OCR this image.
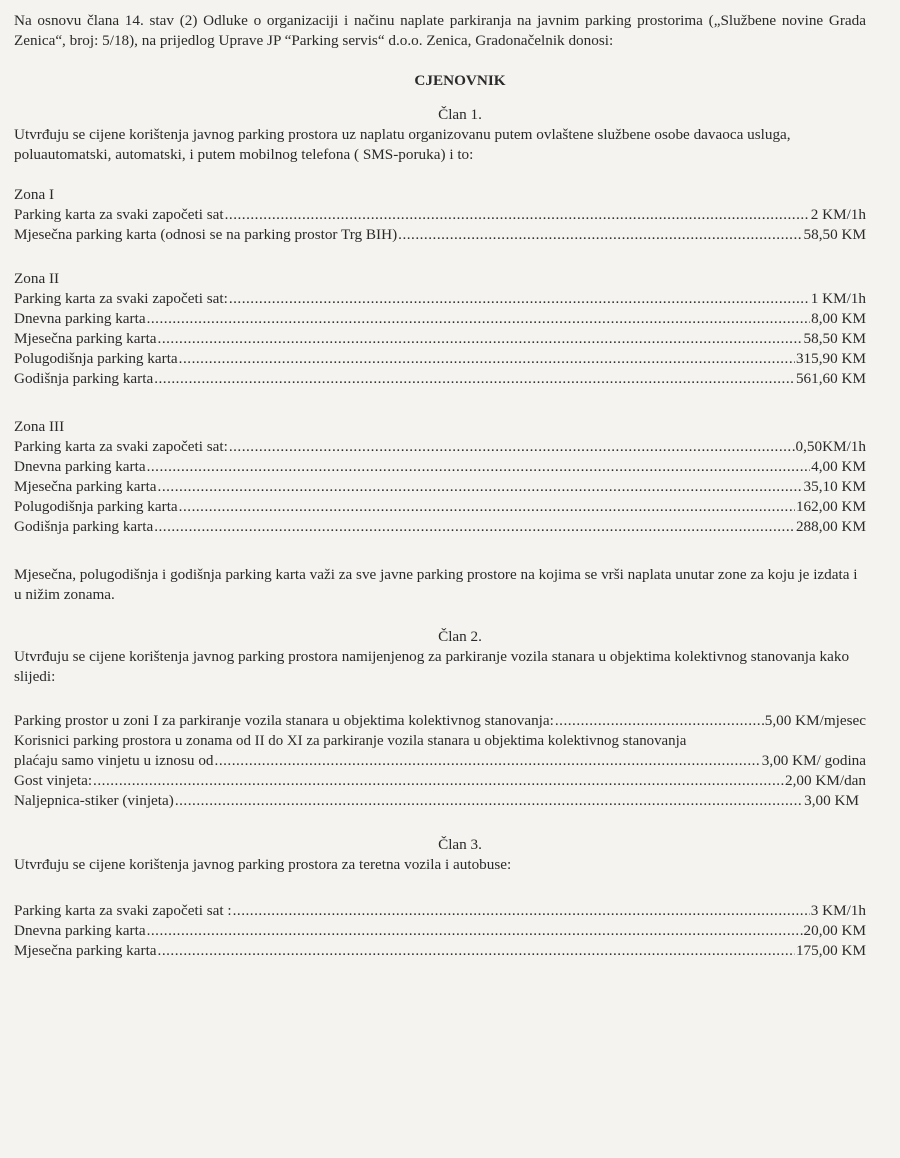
Na osnovu člana 14. stav (2) Odluke o organizaciji i načinu naplate parkiranja na javnim parking prostorima („Službene novine Grada Zenica“, broj: 5/18), na prijedlog Uprave JP “Parking servis“ d.o.o. Zenica, Gradonačelnik donosi:

CJENOVNIK

Član 1.

Utvrđuju se cijene korištenja javnog parking prostora uz naplatu organizovanu putem ovlaštene službene osobe davaoca usluga, poluautomatski, automatski, i putem mobilnog telefona ( SMS-poruka) i to:

Zona I
Parking karta za svaki započeti sat .....	2 KM/1h
Mjesečna parking karta (odnosi se na parking prostor Trg BIH) .....	58,50 KM
Zona II
Parking karta za svaki započeti sat: .....	1 KM/1h
Dnevna parking karta .....	8,00 KM
Mjesečna parking karta .....	58,50 KM
Polugodišnja parking karta .....	315,90 KM
Godišnja parking karta .....	561,60 KM
Zona III
Parking karta za svaki započeti sat: .....	0,50KM/1h
Dnevna parking karta .....	4,00 KM
Mjesečna parking karta .....	35,10 KM
Polugodišnja parking karta .....	162,00 KM
Godišnja parking karta .....	288,00 KM

Mjesečna, polugodišnja i godišnja parking karta važi za sve javne parking prostore na kojima se vrši naplata unutar zone za koju je izdata i u nižim zonama.

Član 2.

Utvrđuju se cijene korištenja javnog parking prostora namijenjenog za parkiranje vozila stanara u objektima kolektivnog stanovanja kako slijedi:

Parking prostor u zoni I za parkiranje vozila stanara u objektima kolektivnog stanovanja: .....	5,00 KM/mjesec
Korisnici parking prostora u zonama od II do XI za parkiranje vozila stanara u objektima kolektivnog stanovanja
plaćaju samo vinjetu u iznosu od .....	3,00 KM/ godina
Gost vinjeta: .....	2,00 KM/dan
Naljepnica-stiker (vinjeta) .....	3,00 KM

Član 3.

Utvrđuju se cijene korištenja javnog parking prostora za teretna vozila i autobuse:

Parking karta za svaki započeti sat : .....	3 KM/1h
Dnevna parking karta .....	20,00 KM
Mjesečna parking karta .....	175,00 KM
